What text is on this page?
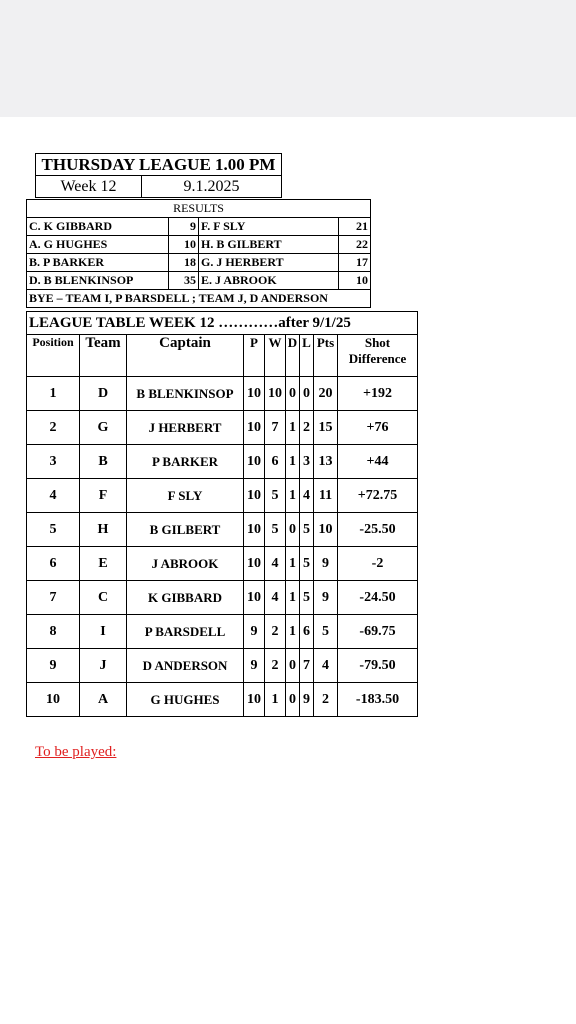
THURSDAY LEAGUE 1.00 PM
Week 12	9.1.2025
RESULTS			
C. K GIBBARD	9	F. F SLY	21
A. G HUGHES	10	H. B GILBERT	22
B. P BARKER	18	G. J HERBERT	17
D. B BLENKINSOP	35	E. J ABROOK	10
BYE – TEAM I, P BARSDELL ; TEAM J, D ANDERSON			
LEAGUE TABLE WEEK 12 …………after 9/1/25								
Position	Team	Captain	P	W	D	L	Pts	Shot Difference
1	D	B BLENKINSOP	10	10	0	0	20	+192
2	G	J HERBERT	10	7	1	2	15	+76
3	B	P BARKER	10	6	1	3	13	+44
4	F	F SLY	10	5	1	4	11	+72.75
5	H	B GILBERT	10	5	0	5	10	-25.50
6	E	J ABROOK	10	4	1	5	9	-2
7	C	K GIBBARD	10	4	1	5	9	-24.50
8	I	P BARSDELL	9	2	1	6	5	-69.75
9	J	D ANDERSON	9	2	0	7	4	-79.50
10	A	G HUGHES	10	1	0	9	2	-183.50
To be played:
